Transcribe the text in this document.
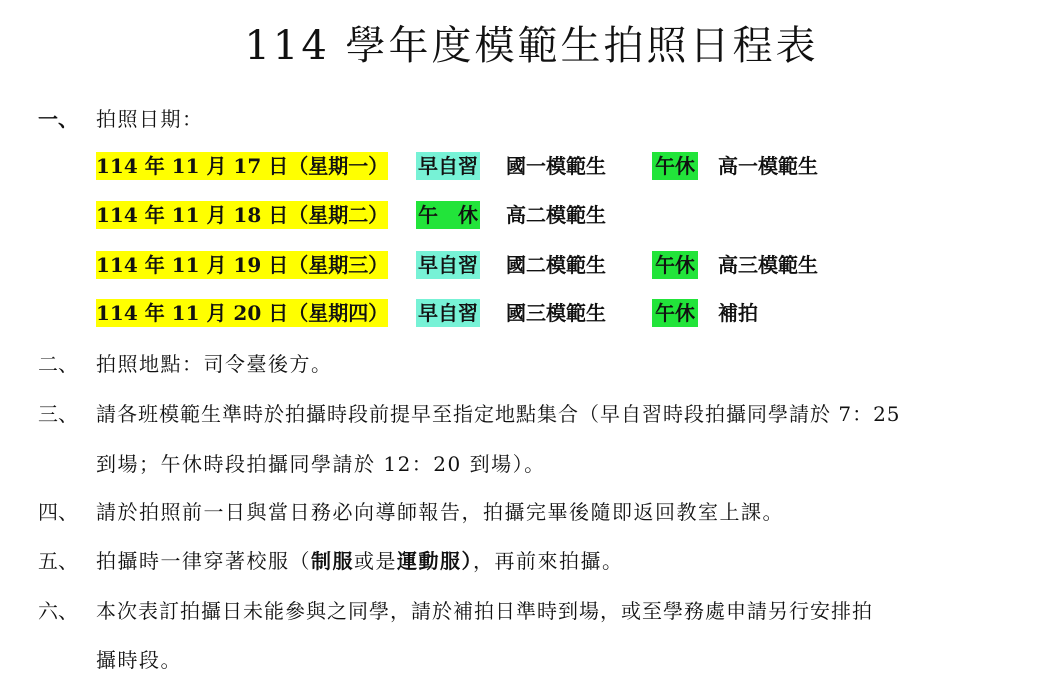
114 學年度模範生拍照日程表
一、 拍照日期：
114 年 11 月 17 日（星期一） 早自習 國一模範生 午休 高一模範生
114 年 11 月 18 日（星期二） 午　休 高二模範生
114 年 11 月 19 日（星期三） 早自習 國二模範生 午休 高三模範生
114 年 11 月 20 日（星期四） 早自習 國三模範生 午休 補拍
二、 拍照地點：司令臺後方。
三、 請各班模範生準時於拍攝時段前提早至指定地點集合（早自習時段拍攝同學請於 7：25
到場；午休時段拍攝同學請於 12：20 到場）。
四、 請於拍照前一日與當日務必向導師報告，拍攝完畢後隨即返回教室上課。
五、 拍攝時一律穿著校服（制服或是運動服），再前來拍攝。
六、 本次表訂拍攝日未能參與之同學，請於補拍日準時到場，或至學務處申請另行安排拍
攝時段。
